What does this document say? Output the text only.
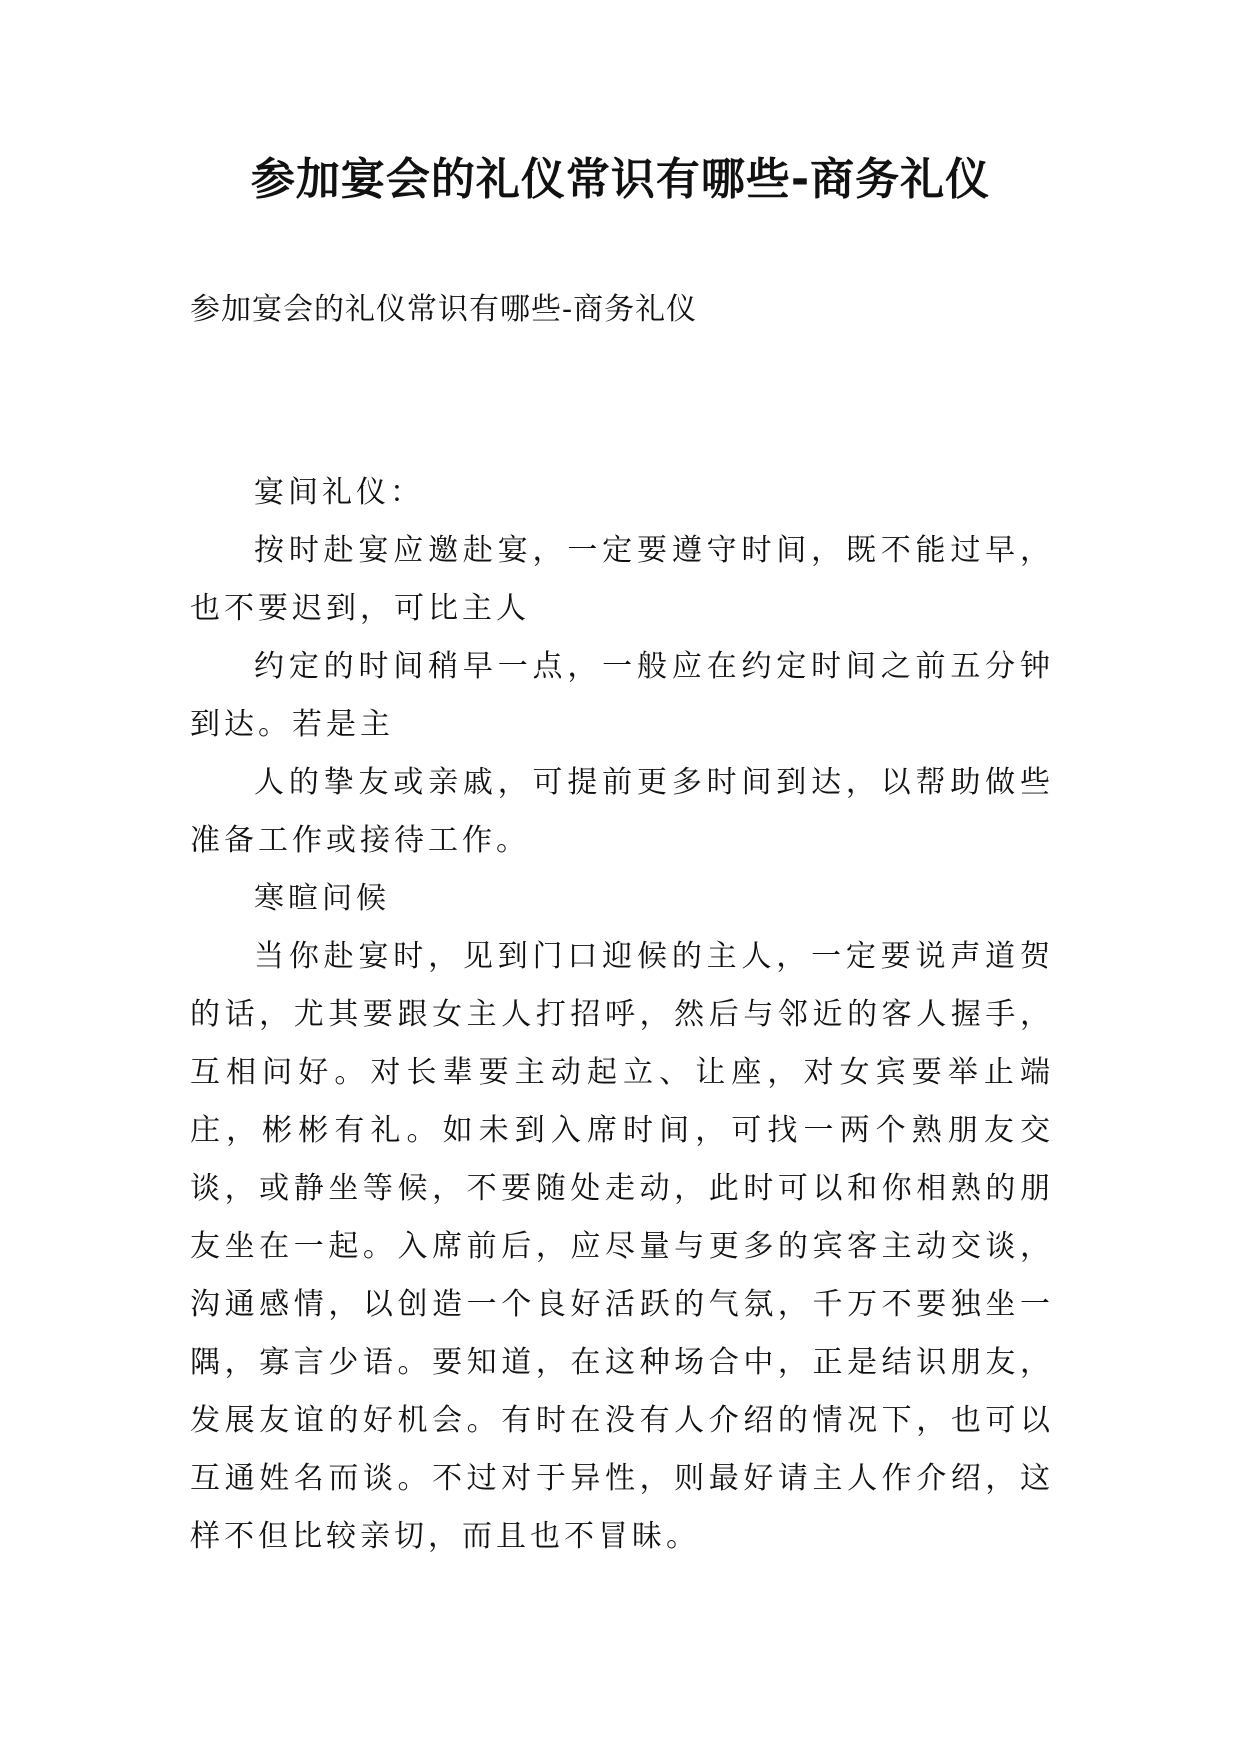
参加宴会的礼仪常识有哪些-商务礼仪
参加宴会的礼仪常识有哪些-商务礼仪

宴间礼仪：

按时赴宴应邀赴宴，一定要遵守时间，既不能过早，也不要迟到，可比主人

约定的时间稍早一点，一般应在约定时间之前五分钟到达。若是主

人的挚友或亲戚，可提前更多时间到达，以帮助做些准备工作或接待工作。

寒暄问候

当你赴宴时，见到门口迎候的主人，一定要说声道贺的话，尤其要跟女主人打招呼，然后与邻近的客人握手，互相问好。对长辈要主动起立、让座，对女宾要举止端庄，彬彬有礼。如未到入席时间，可找一两个熟朋友交谈，或静坐等候，不要随处走动，此时可以和你相熟的朋友坐在一起。入席前后，应尽量与更多的宾客主动交谈，沟通感情，以创造一个良好活跃的气氛，千万不要独坐一隅，寡言少语。要知道，在这种场合中，正是结识朋友，发展友谊的好机会。有时在没有人介绍的情况下，也可以互通姓名而谈。不过对于异性，则最好请主人作介绍，这样不但比较亲切，而且也不冒昧。
